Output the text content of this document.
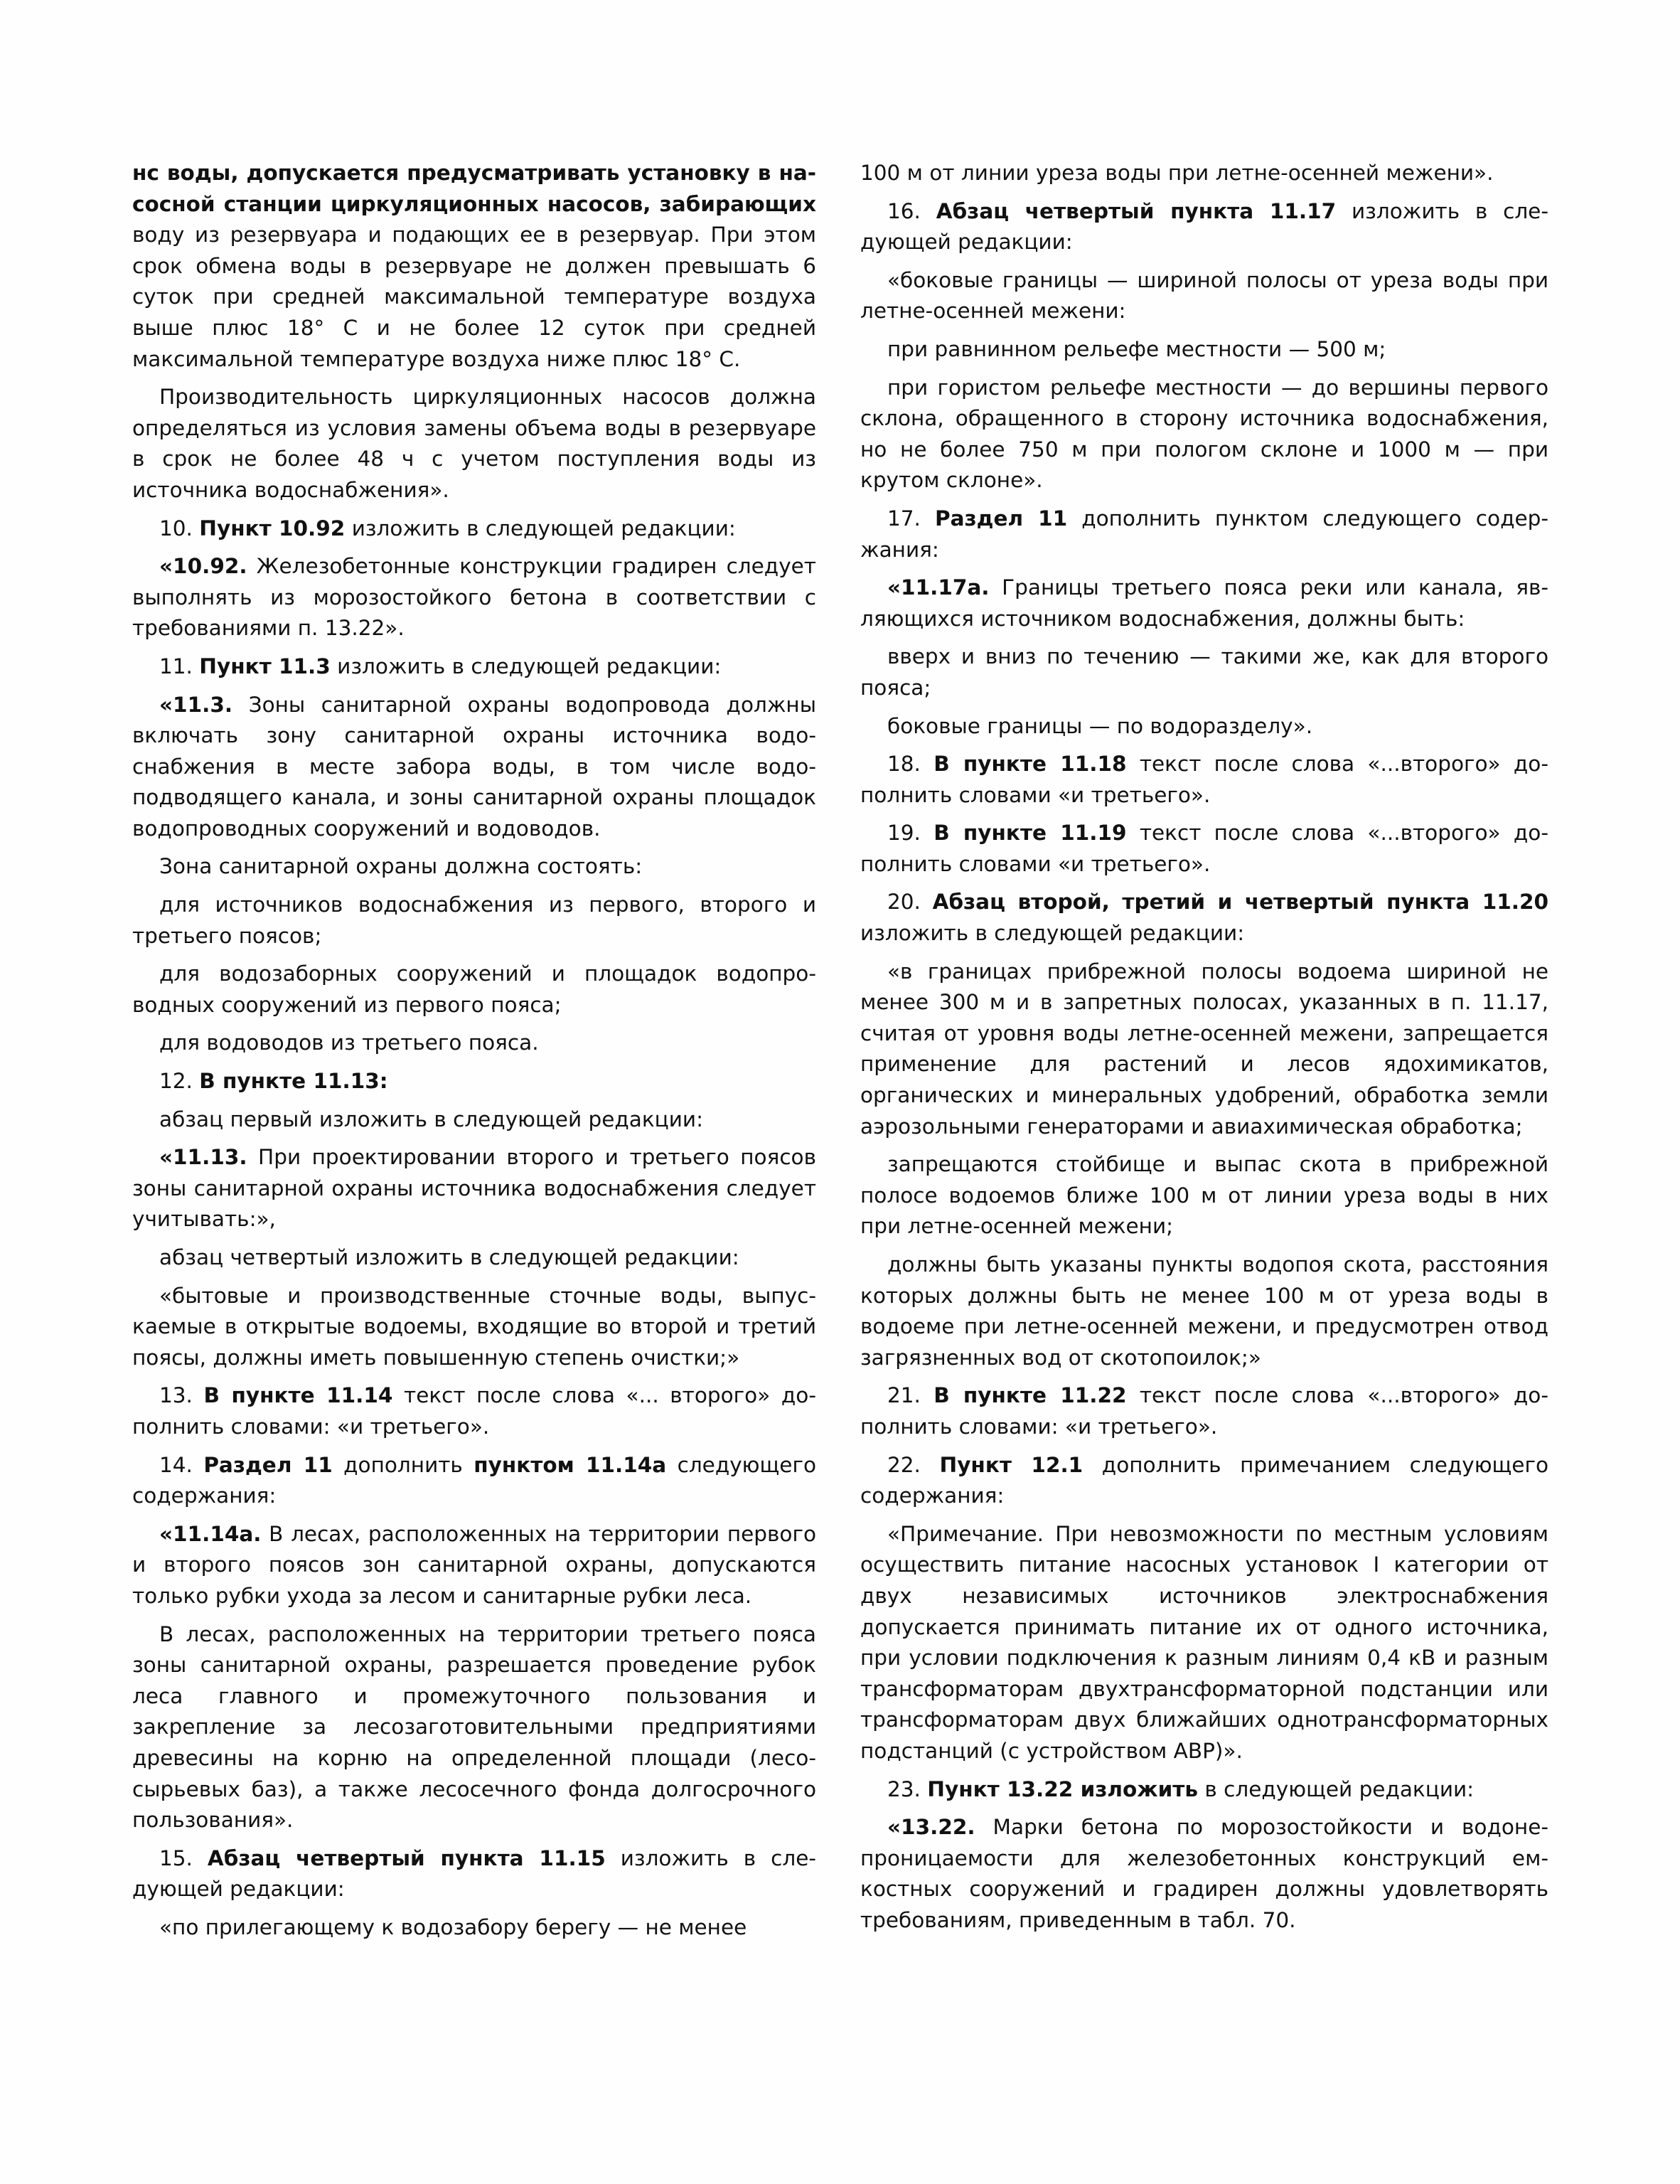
нс воды, допускается предусматривать установку в насосной станции циркуляционных насосов, забирающих воду из резервуара и подающих ее в резервуар. При этом срок обмена воды в резервуаре не должен превышать 6 суток при средней максимальной температуре воздуха выше плюс 18° С и не более 12 суток при средней максимальной температуре воздуха ниже плюс 18° С.

Производительность циркуляционных насосов должна определяться из условия замены объема воды в резервуаре в срок не более 48 ч с учетом поступления воды из источника водоснабжения».

10. Пункт 10.92 изложить в следующей редакции:

«10.92. Железобетонные конструкции градирен следует выполнять из морозостойкого бетона в соответствии с требованиями п. 13.22».

11. Пункт 11.3 изложить в следующей редакции:

«11.3. Зоны санитарной охраны водопровода должны включать зону санитарной охраны источника водоснабжения в месте забора воды, в том числе водоподводящего канала, и зоны санитарной охраны площадок водопроводных сооружений и водоводов.

Зона санитарной охраны должна состоять:

для источников водоснабжения из первого, второго и третьего поясов;

для водозаборных сооружений и площадок водопроводных сооружений из первого пояса;

для водоводов из третьего пояса.

12. В пункте 11.13:

абзац первый изложить в следующей редакции:

«11.13. При проектировании второго и третьего поясов зоны санитарной охраны источника водоснабжения следует учитывать:»,

абзац четвертый изложить в следующей редакции:

«бытовые и производственные сточные воды, выпускаемые в открытые водоемы, входящие во второй и третий поясы, должны иметь повышенную степень очистки;»

13. В пункте 11.14 текст после слова «... второго» дополнить словами: «и третьего».

14. Раздел 11 дополнить пунктом 11.14а следующего содержания:

«11.14а. В лесах, расположенных на территории первого и второго поясов зон санитарной охраны, допускаются только рубки ухода за лесом и санитарные рубки леса.

В лесах, расположенных на территории третьего пояса зоны санитарной охраны, разрешается проведение рубок леса главного и промежуточного пользования и закрепление за лесозаготовительными предприятиями древесины на корню на определенной площади (лесосырьевых баз), а также лесосечного фонда долгосрочного пользования».

15. Абзац четвертый пункта 11.15 изложить в следующей редакции:

«по прилегающему к водозабору берегу — не менее

100 м от линии уреза воды при летне-осенней межени».

16. Абзац четвертый пункта 11.17 изложить в следующей редакции:

«боковые границы — шириной полосы от уреза воды при летне-осенней межени:

при равнинном рельефе местности — 500 м;

при гористом рельефе местности — до вершины первого склона, обращенного в сторону источника водоснабжения, но не более 750 м при пологом склоне и 1000 м — при крутом склоне».

17. Раздел 11 дополнить пунктом следующего содержания:

«11.17а. Границы третьего пояса реки или канала, являющихся источником водоснабжения, должны быть:

вверх и вниз по течению — такими же, как для второго пояса;

боковые границы — по водоразделу».

18. В пункте 11.18 текст после слова «...второго» дополнить словами «и третьего».

19. В пункте 11.19 текст после слова «...второго» дополнить словами «и третьего».

20. Абзац второй, третий и четвертый пункта 11.20 изложить в следующей редакции:

«в границах прибрежной полосы водоема шириной не менее 300 м и в запретных полосах, указанных в п. 11.17, считая от уровня воды летне-осенней межени, запрещается применение для растений и лесов ядохимикатов, органических и минеральных удобрений, обработка земли аэрозольными генераторами и авиахимическая обработка;

запрещаются стойбище и выпас скота в прибрежной полосе водоемов ближе 100 м от линии уреза воды в них при летне-осенней межени;

должны быть указаны пункты водопоя скота, расстояния которых должны быть не менее 100 м от уреза воды в водоеме при летне-осенней межени, и предусмотрен отвод загрязненных вод от скотопоилок;»

21. В пункте 11.22 текст после слова «...второго» дополнить словами: «и третьего».

22. Пункт 12.1 дополнить примечанием следующего содержания:

«Примечание. При невозможности по местным условиям осуществить питание насосных установок I категории от двух независимых источников электроснабжения допускается принимать питание их от одного источника, при условии подключения к разным линиям 0,4 кВ и разным трансформаторам двухтрансформаторной подстанции или трансформаторам двух ближайших однотрансформаторных подстанций (с устройством АВР)».

23. Пункт 13.22 изложить в следующей редакции:

«13.22. Марки бетона по морозостойкости и водонепроницаемости для железобетонных конструкций емкостных сооружений и градирен должны удовлетворять требованиям, приведенным в табл. 70.
